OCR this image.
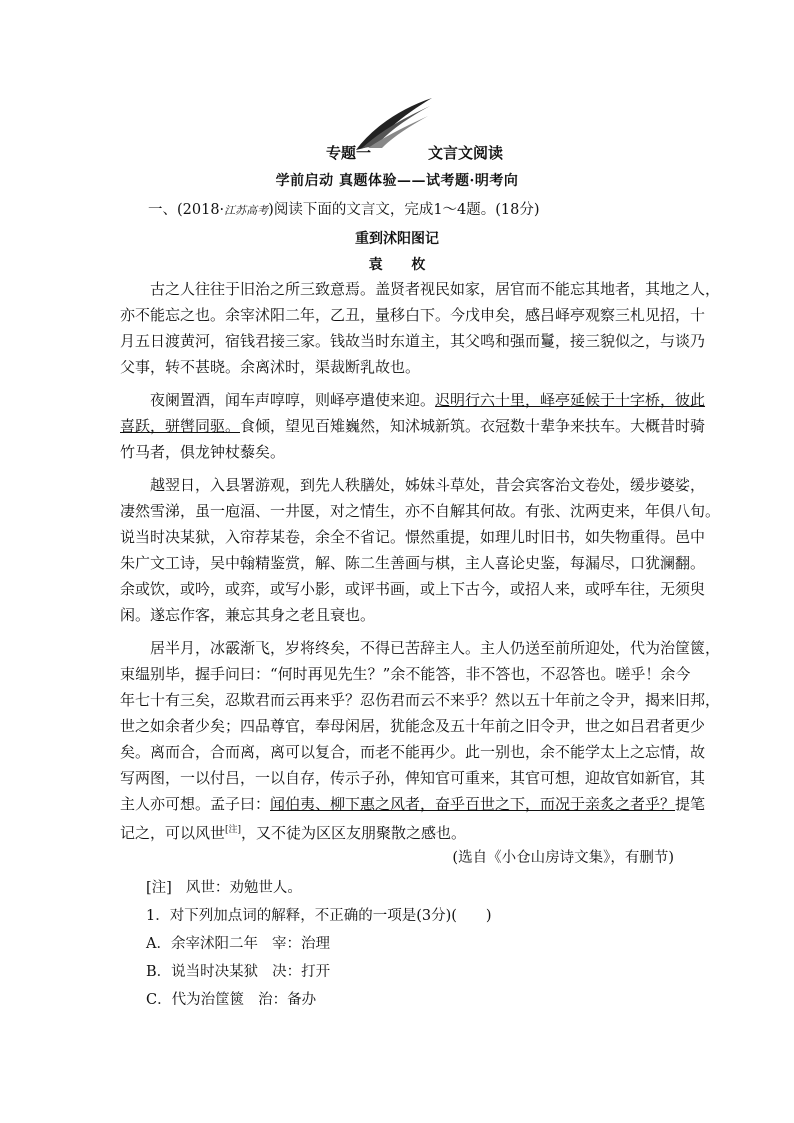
专题一	文言文阅读
学前启动 真题体验——试考题·明考向
一、(2018·江苏高考)阅读下面的文言文，完成1～4题。(18分)
重到沭阳图记
袁 枚
古之人往往于旧治之所三致意焉。盖贤者视民如家，居官而不能忘其地者，其地之人，
亦不能忘之也。余宰沭阳二年，乙丑，量移白下。今戊申矣，感吕峄亭观察三札见招，十
月五日渡黄河，宿钱君接三家。钱故当时东道主，其父鸣和强而鬘，接三貌似之，与谈乃
父事，转不甚晓。余离沭时，渠裁断乳故也。
夜阑置酒，闻车声啍啍，则峄亭遣使来迎。迟明行六十里，峄亭延候于十字桥，彼此
喜跃，骈辔同驱。食倾，望见百雉巍然，知沭城新筑。衣冠数十辈争来扶车。大概昔时骑
竹马者，俱龙钟杖藜矣。
越翌日，入县署游观，到先人秩膳处，姊妹斗草处，昔会宾客治文卷处，缓步婆娑，
凄然雪涕，虽一庖湢、一井匽，对之情生，亦不自解其何故。有张、沈两吏来，年俱八旬。
说当时决某狱，入帘荐某卷，余全不省记。憬然重提，如理儿时旧书，如失物重得。邑中
朱广文工诗，吴中翰精鉴赏，解、陈二生善画与棋，主人喜论史鉴，每漏尽，口犹澜翻。
余或饮，或吟，或弈，或写小影，或评书画，或上下古今，或招人来，或呼车往，无须臾
闲。遂忘作客，兼忘其身之老且衰也。
居半月，冰霰渐飞，岁将终矣，不得已苦辞主人。主人仍送至前所迎处，代为治筐篋，
束缊别毕，握手问曰：“何时再见先生？”余不能答，非不答也，不忍答也。嗟乎！余今
年七十有三矣，忍欺君而云再来乎？忍伤君而云不来乎？然以五十年前之令尹，揭来旧邦，
世之如余者少矣；四品尊官，奉母闲居，犹能念及五十年前之旧令尹，世之如吕君者更少
矣。离而合，合而离，离可以复合，而老不能再少。此一别也，余不能学太上之忘情，故
写两图，一以付吕，一以自存，传示子孙，俾知官可重来，其官可想，迎故官如新官，其
主人亦可想。孟子曰：闻伯夷、柳下惠之风者，奋乎百世之下，而况于亲炙之者乎？提笔
记之，可以风世[注]，又不徒为区区友朋聚散之感也。
(选自《小仓山房诗文集》，有删节)
[注] 风世：劝勉世人。
1．对下列加点词的解释，不正确的一项是(3分)(　　)
A．余宰沭阳二年 宰：治理
B．说当时决某狱 决：打开
C．代为治筐篋 治：备办
